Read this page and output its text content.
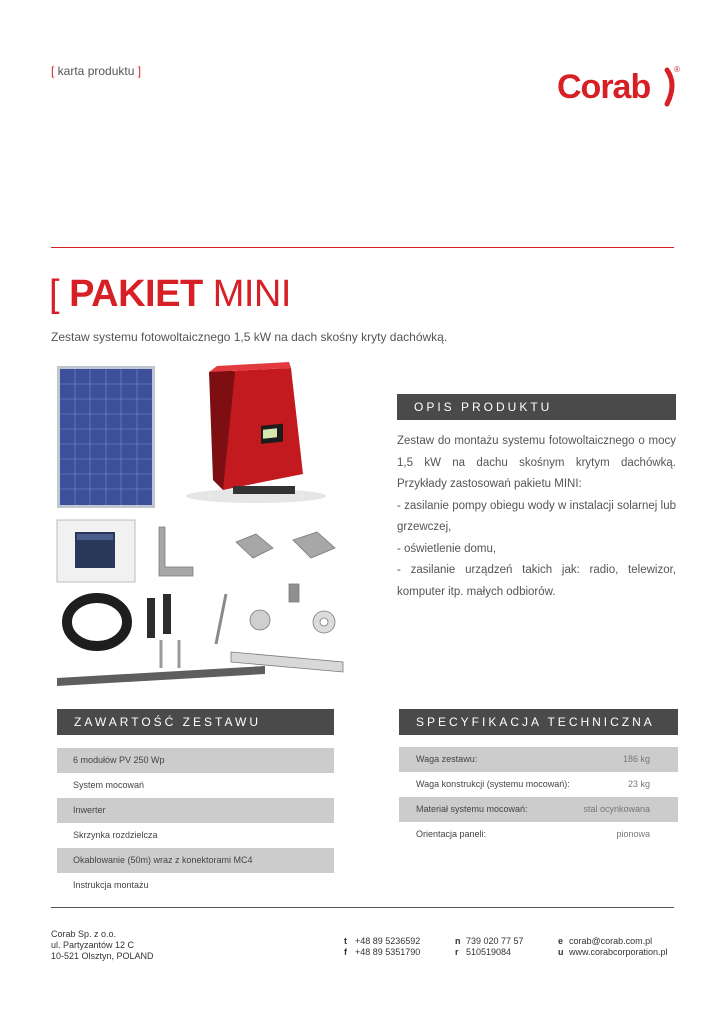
[ karta produktu ]	Corab	®
[ PAKIET MINI
Zestaw systemu fotowoltaicznego 1,5 kW na dach skośny kryty dachówką.
OPIS PRODUKTU

Zestaw do montażu systemu fotowoltaicznego o mocy 1,5 kW na dachu skośnym krytym dachówką. Przykłady zastosowań pakietu MINI:

- zasilanie pompy obiegu wody w instalacji solarnej lub grzewczej,

- oświetlenie domu,

- zasilanie urządzeń takich jak: radio, telewizor, komputer itp. małych odbiorów.

ZAWARTOŚĆ ZESTAWU
6 modułów PV 250 Wp
System mocowań
Inwerter
Skrzynka rozdzielcza
Okablowanie (50m) wraz z konektorami MC4
Instrukcja montażu
SPECYFIKACJA TECHNICZNA
Waga zestawu:	186 kg
Waga konstrukcji (systemu mocowań):	23 kg
Materiał systemu mocowań:	stal ocynkowana
Orientacja paneli:	pionowa
Corab Sp. z o.o.
ul. Partyzantów 12 C
10-521 Olsztyn, POLAND
t +48 89 5236592
f +48 89 5351790
n 739 020 77 57
r 510519084
e corab@corab.com.pl
u www.corabcorporation.pl
